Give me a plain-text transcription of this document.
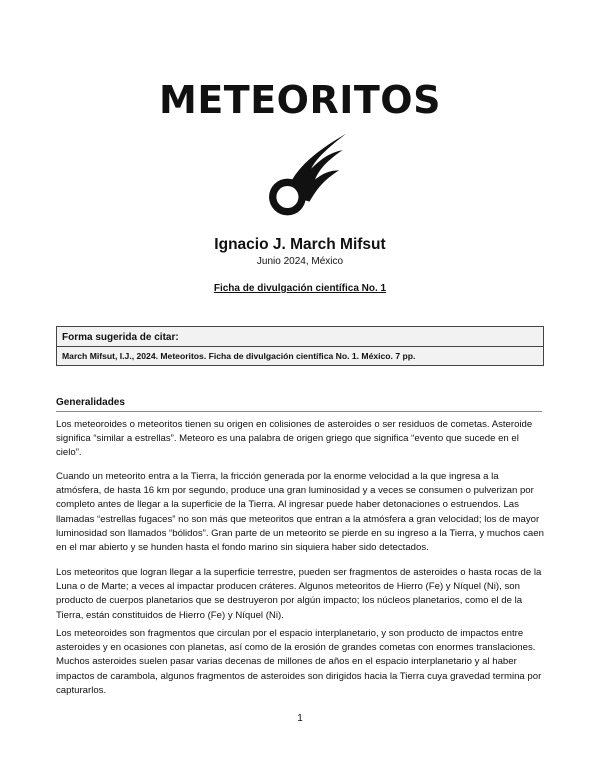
METEORITOS
Ignacio J. March Mifsut
Junio 2024, México
Ficha de divulgación científica No. 1
Forma sugerida de citar:
March Mifsut, I.J., 2024. Meteoritos. Ficha de divulgación científica No. 1. México. 7 pp.
Generalidades
Los meteoroides o meteoritos tienen su origen en colisiones de asteroides o ser residuos de cometas. Asteroide significa “similar a estrellas”. Meteoro es una palabra de origen griego que significa “evento que sucede en el cielo”.
Cuando un meteorito entra a la Tierra, la fricción generada por la enorme velocidad a la que ingresa a la atmósfera, de hasta 16 km por segundo, produce una gran luminosidad y a veces se consumen o pulverizan por completo antes de llegar a la superficie de la Tierra. Al ingresar puede haber detonaciones o estruendos. Las llamadas “estrellas fugaces” no son más que meteoritos que entran a la atmósfera a gran velocidad; los de mayor luminosidad son llamados “bólidos”. Gran parte de un meteorito se pierde en su ingreso a la Tierra, y muchos caen en el mar abierto y se hunden hasta el fondo marino sin siquiera haber sido detectados.
Los meteoritos que logran llegar a la superficie terrestre, pueden ser fragmentos de asteroides o hasta rocas de la Luna o de Marte; a veces al impactar producen cráteres. Algunos meteoritos de Hierro (Fe) y Níquel (Ni), son producto de cuerpos planetarios que se destruyeron por algún impacto; los núcleos planetarios, como el de la Tierra, están constituidos de Hierro (Fe) y Níquel (Ni).
Los meteoroides son fragmentos que circulan por el espacio interplanetario, y son producto de impactos entre asteroides y en ocasiones con planetas, así como de la erosión de grandes cometas con enormes translaciones. Muchos asteroides suelen pasar varias decenas de millones de años en el espacio interplanetario y al haber impactos de carambola, algunos fragmentos de asteroides son dirigidos hacia la Tierra cuya gravedad termina por capturarlos.
1
